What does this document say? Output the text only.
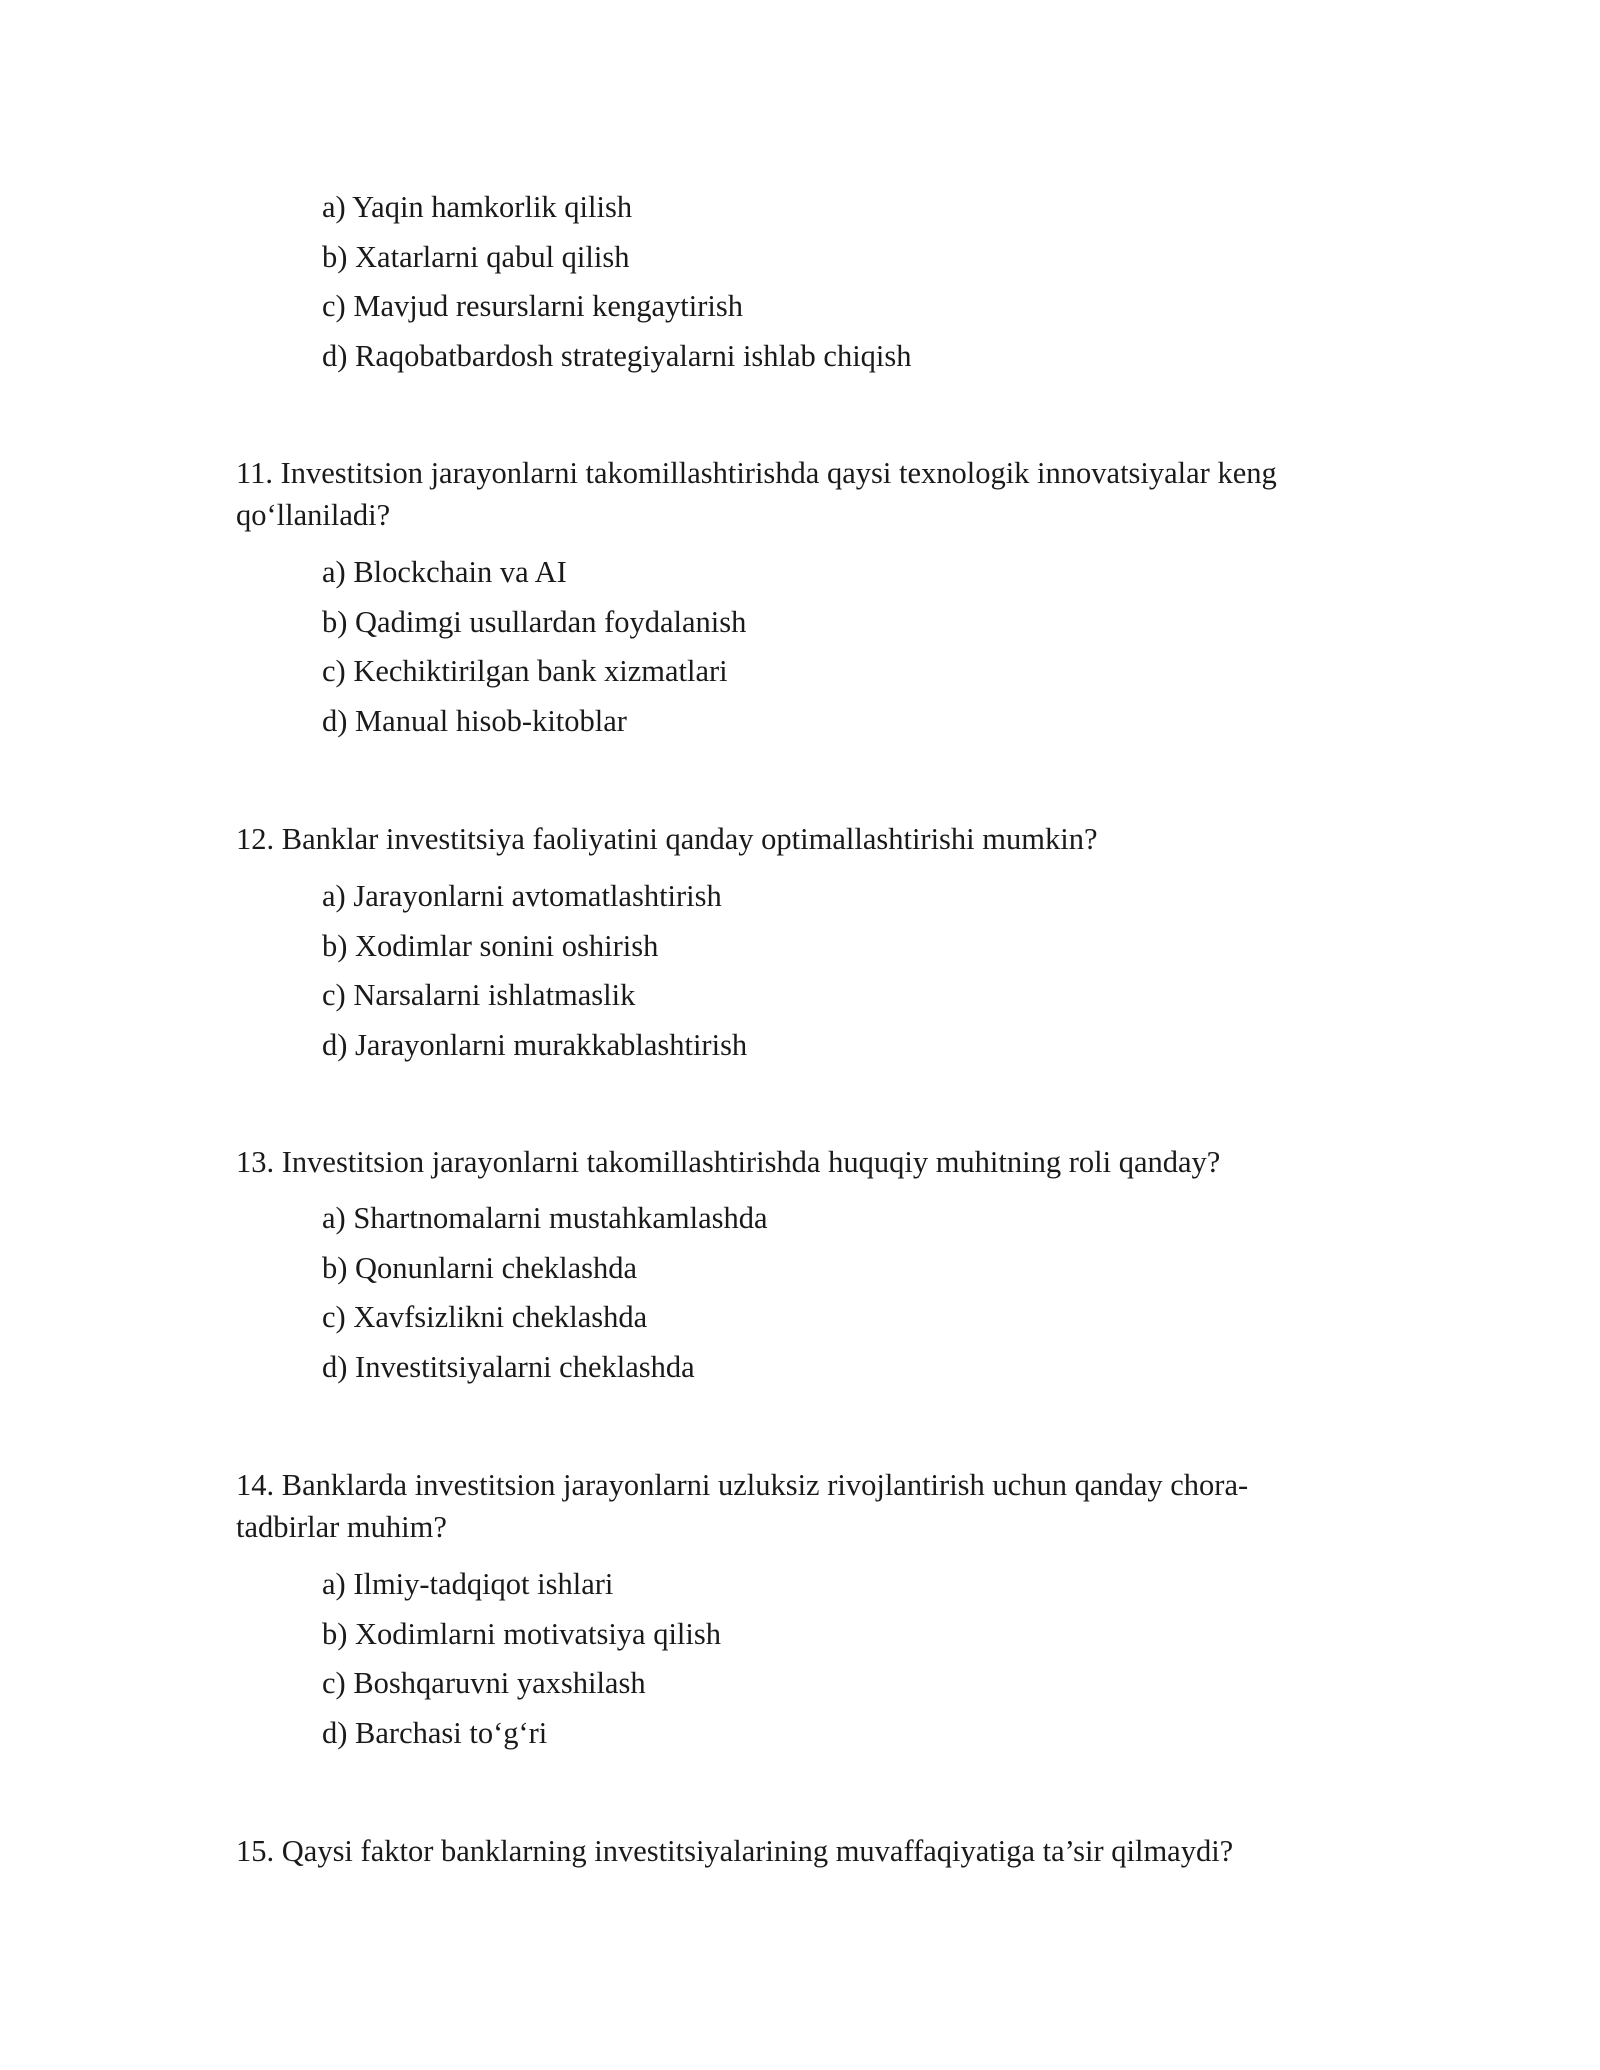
a) Yaqin hamkorlik qilish
b) Xatarlarni qabul qilish
c) Mavjud resurslarni kengaytirish
d) Raqobatbardosh strategiyalarni ishlab chiqish

11. Investitsion jarayonlarni takomillashtirishda qaysi texnologik innovatsiyalar keng qo‘llaniladi?

a) Blockchain va AI
b) Qadimgi usullardan foydalanish
c) Kechiktirilgan bank xizmatlari
d) Manual hisob-kitoblar

12. Banklar investitsiya faoliyatini qanday optimallashtirishi mumkin?

a) Jarayonlarni avtomatlashtirish
b) Xodimlar sonini oshirish
c) Narsalarni ishlatmaslik
d) Jarayonlarni murakkablashtirish

13. Investitsion jarayonlarni takomillashtirishda huquqiy muhitning roli qanday?

a) Shartnomalarni mustahkamlashda
b) Qonunlarni cheklashda
c) Xavfsizlikni cheklashda
d) Investitsiyalarni cheklashda

14. Banklarda investitsion jarayonlarni uzluksiz rivojlantirish uchun qanday chora-tadbirlar muhim?

a) Ilmiy-tadqiqot ishlari
b) Xodimlarni motivatsiya qilish
c) Boshqaruvni yaxshilash
d) Barchasi to‘g‘ri

15. Qaysi faktor banklarning investitsiyalarining muvaffaqiyatiga ta’sir qilmaydi?
